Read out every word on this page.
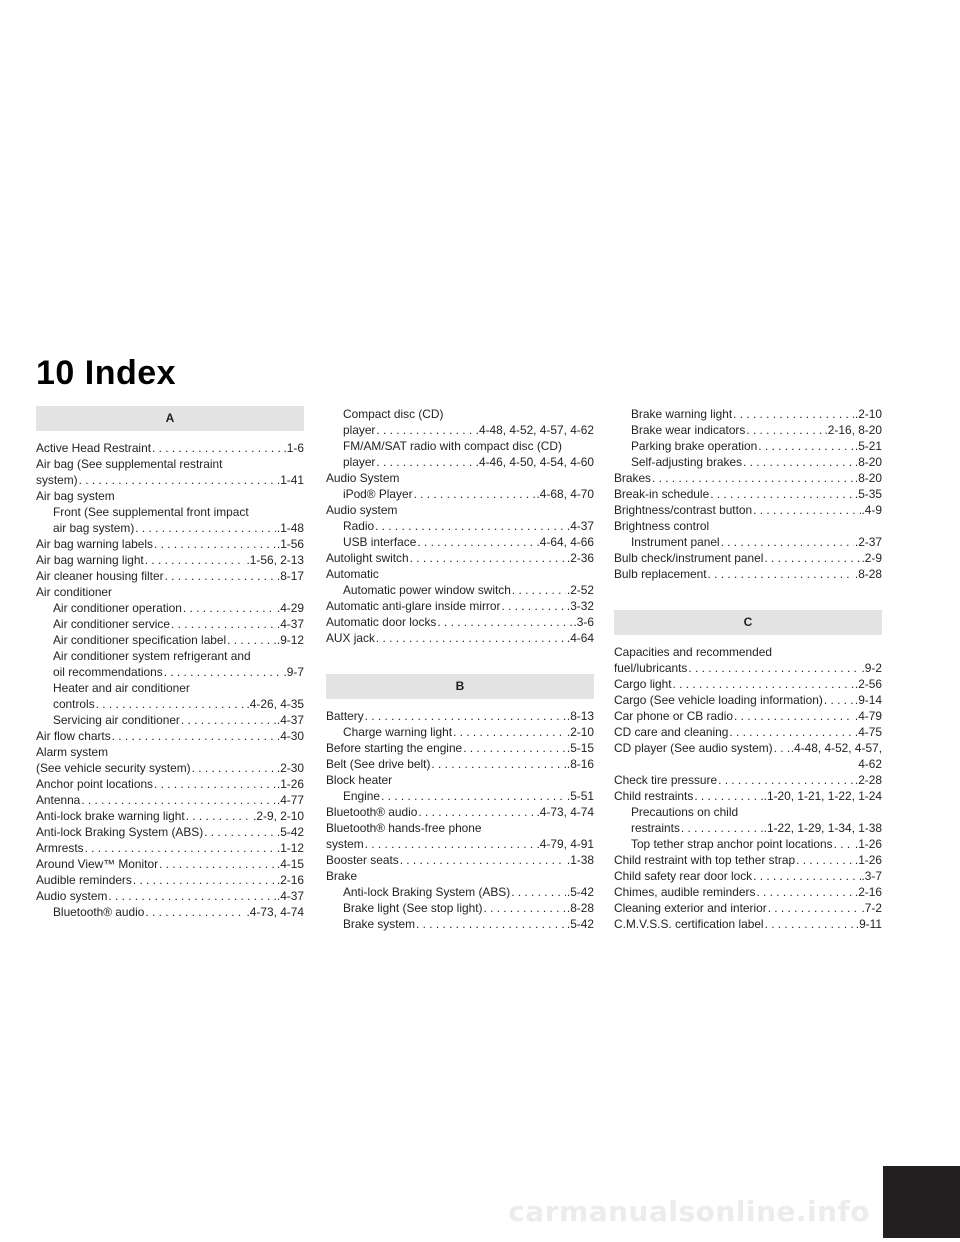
10 Index
A
Active Head Restraint . . .	.1-6
Air bag (See supplemental restraint
system) . . .	.1-41
Air bag system
Front (See supplemental front impact
air bag system) . . .	.1-48
Air bag warning labels . . .	.1-56
Air bag warning light . . .	.1-56, 2-13
Air cleaner housing filter . . .	.8-17
Air conditioner
Air conditioner operation . . .	.4-29
Air conditioner service . . .	.4-37
Air conditioner specification label . . .	.9-12
Air conditioner system refrigerant and
oil recommendations . . .	.9-7
Heater and air conditioner
controls . . .	.4-26, 4-35
Servicing air conditioner . . .	.4-37
Air flow charts . . .	.4-30
Alarm system
(See vehicle security system) . . .	.2-30
Anchor point locations . . .	.1-26
Antenna . . .	.4-77
Anti-lock brake warning light . . .	.2-9, 2-10
Anti-lock Braking System (ABS) . . .	.5-42
Armrests . . .	.1-12
Around View™ Monitor . . .	.4-15
Audible reminders . . .	.2-16
Audio system . . .	.4-37
Bluetooth® audio . . .	.4-73, 4-74
Compact disc (CD)
player . . .	.4-48, 4-52, 4-57, 4-62
FM/AM/SAT radio with compact disc (CD)
player . . .	.4-46, 4-50, 4-54, 4-60
Audio System
iPod® Player . . .	.4-68, 4-70
Audio system
Radio . . .	.4-37
USB interface . . .	.4-64, 4-66
Autolight switch . . .	.2-36
Automatic
Automatic power window switch . . .	.2-52
Automatic anti-glare inside mirror . . .	.3-32
Automatic door locks . . .	.3-6
AUX jack . . .	.4-64
B
Battery . . .	.8-13
Charge warning light . . .	.2-10
Before starting the engine . . .	.5-15
Belt (See drive belt) . . .	.8-16
Block heater
Engine . . .	.5-51
Bluetooth® audio . . .	.4-73, 4-74
Bluetooth® hands-free phone
system . . .	.4-79, 4-91
Booster seats . . .	.1-38
Brake
Anti-lock Braking System (ABS) . . .	.5-42
Brake light (See stop light) . . .	.8-28
Brake system . . .	.5-42
Brake warning light . . .	.2-10
Brake wear indicators . . .	.2-16, 8-20
Parking brake operation . . .	.5-21
Self-adjusting brakes . . .	.8-20
Brakes . . .	.8-20
Break-in schedule . . .	.5-35
Brightness/contrast button . . .	.4-9
Brightness control
Instrument panel . . .	.2-37
Bulb check/instrument panel . . .	.2-9
Bulb replacement . . .	.8-28
C
Capacities and recommended
fuel/lubricants . . .	.9-2
Cargo light . . .	.2-56
Cargo (See vehicle loading information) . . .	.9-14
Car phone or CB radio . . .	.4-79
CD care and cleaning . . .	.4-75
CD player (See audio system) . . . .4-48, 4-52, 4-57,
4-62
Check tire pressure . . .	.2-28
Child restraints . . .	.1-20, 1-21, 1-22, 1-24
Precautions on child
restraints . . .	.1-22, 1-29, 1-34, 1-38
Top tether strap anchor point locations . . . .1-26
Child restraint with top tether strap . . .	.1-26
Child safety rear door lock . . .	.3-7
Chimes, audible reminders . . .	.2-16
Cleaning exterior and interior . . .	.7-2
C.M.V.S.S. certification label . . .	.9-11
carmanualsonline.info
